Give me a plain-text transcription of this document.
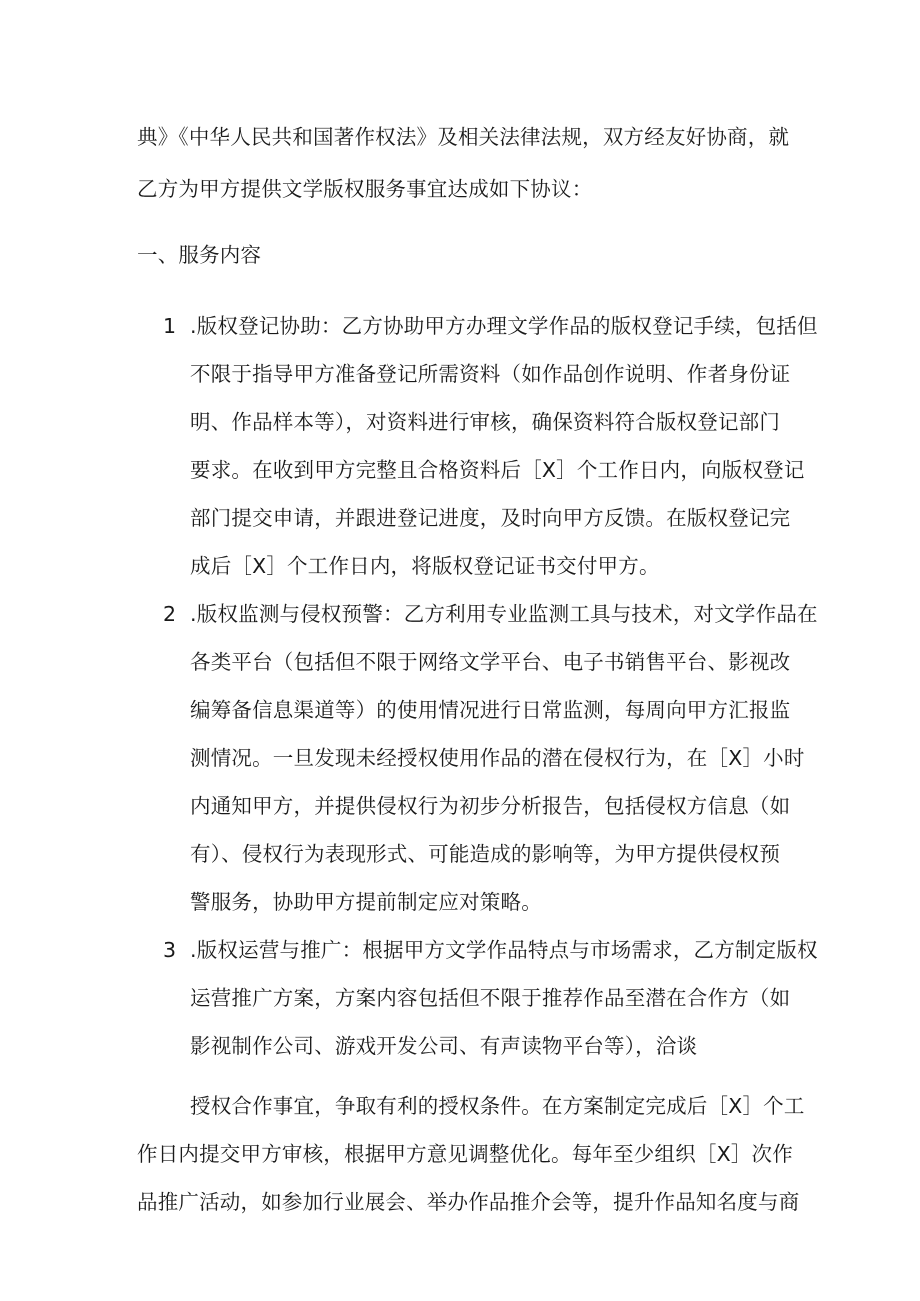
典》《中华人民共和国著作权法》及相关法律法规，双方经友好协商，就
乙方为甲方提供文学版权服务事宜达成如下协议：
一、服务内容
1 .版权登记协助：乙方协助甲方办理文学作品的版权登记手续，包括但
不限于指导甲方准备登记所需资料（如作品创作说明、作者身份证
明、作品样本等），对资料进行审核，确保资料符合版权登记部门
要求。在收到甲方完整且合格资料后［X］个工作日内，向版权登记
部门提交申请，并跟进登记进度，及时向甲方反馈。在版权登记完
成后［X］个工作日内，将版权登记证书交付甲方。
2 .版权监测与侵权预警：乙方利用专业监测工具与技术，对文学作品在
各类平台（包括但不限于网络文学平台、电子书销售平台、影视改
编筹备信息渠道等）的使用情况进行日常监测，每周向甲方汇报监
测情况。一旦发现未经授权使用作品的潜在侵权行为，在［X］小时
内通知甲方，并提供侵权行为初步分析报告，包括侵权方信息（如
有）、侵权行为表现形式、可能造成的影响等，为甲方提供侵权预
警服务，协助甲方提前制定应对策略。
3 .版权运营与推广：根据甲方文学作品特点与市场需求，乙方制定版权
运营推广方案，方案内容包括但不限于推荐作品至潜在合作方（如
影视制作公司、游戏开发公司、有声读物平台等），洽谈
授权合作事宜，争取有利的授权条件。在方案制定完成后［X］个工
作日内提交甲方审核，根据甲方意见调整优化。每年至少组织［X］次作
品推广活动，如参加行业展会、举办作品推介会等，提升作品知名度与商
